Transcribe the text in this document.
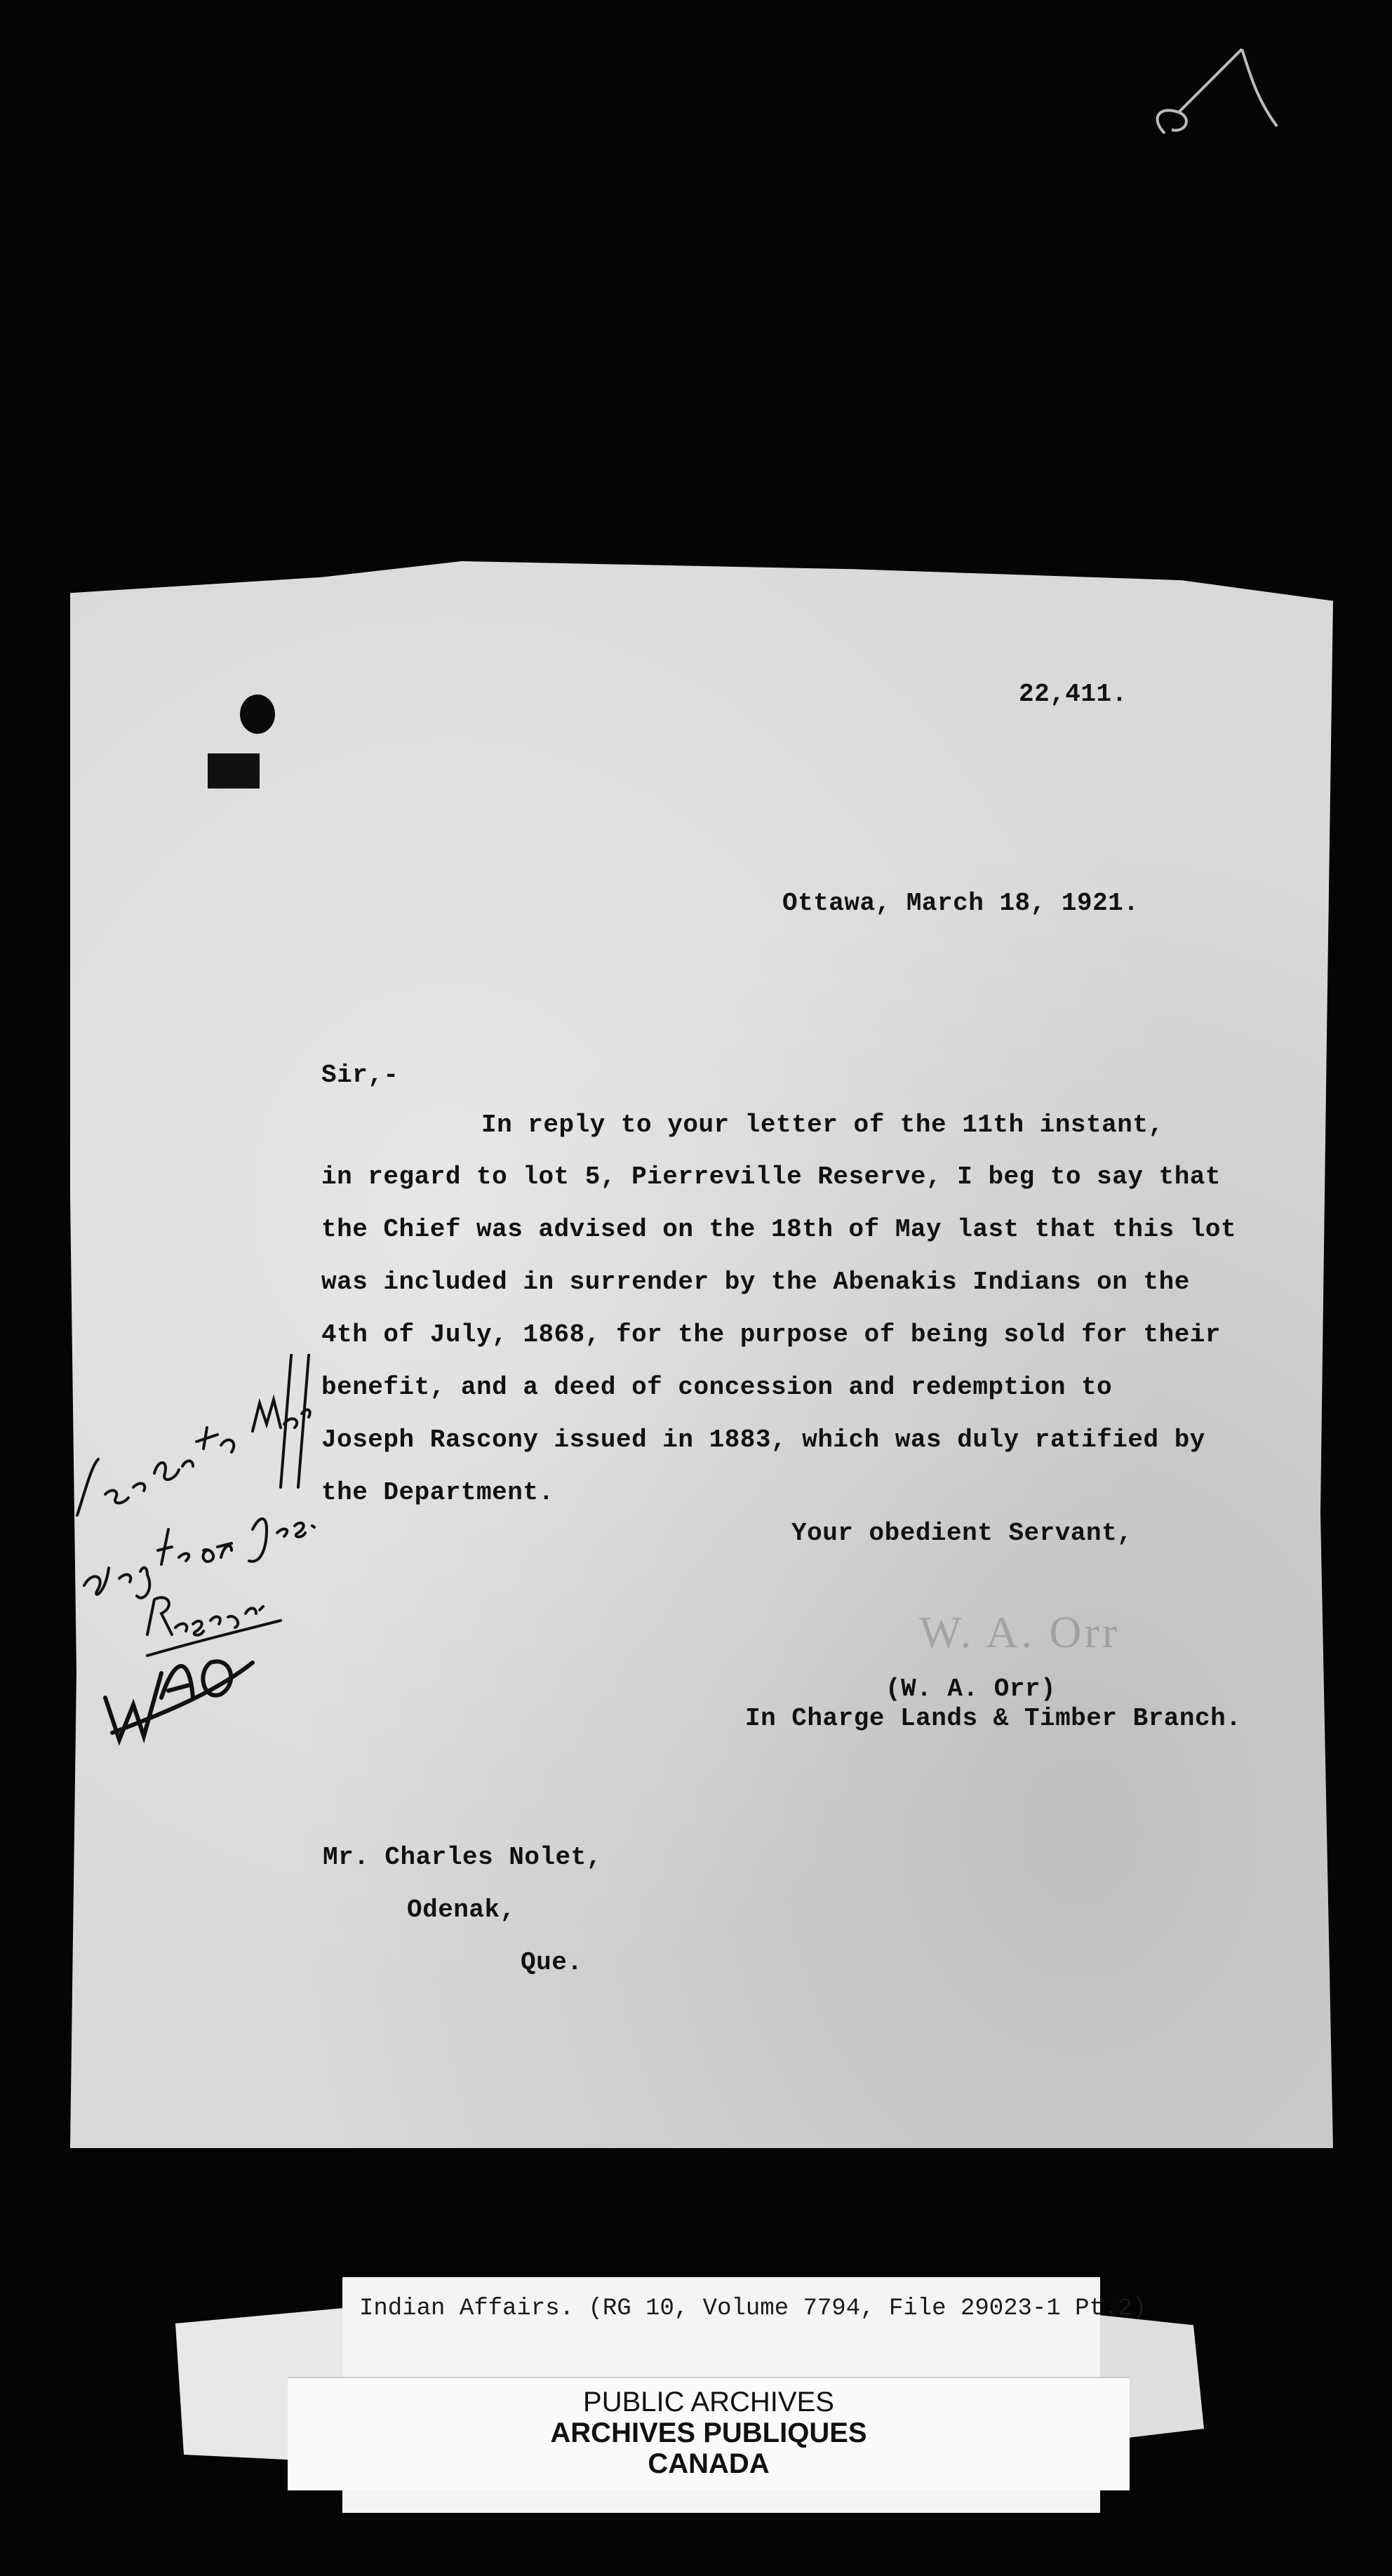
22,411.
Ottawa, March 18, 1921.
Sir,-
In reply to your letter of the 11th instant,
in regard to lot 5, Pierreville Reserve, I beg to say that
the Chief was advised on the 18th of May last that this lot
was included in surrender by the Abenakis Indians on the
4th of July, 1868, for the purpose of being sold for their
benefit, and a deed of concession and redemption to
Joseph Rascony issued in 1883, which was duly ratified by
the Department.
Your obedient Servant,
W. A. Orr
(W. A. Orr)
In Charge Lands & Timber Branch.
Mr. Charles Nolet,
Odenak,
Que.
Indian Affairs. (RG 10, Volume 7794, File 29023-1 Pt.2)
PUBLIC ARCHIVES
ARCHIVES PUBLIQUES
CANADA
